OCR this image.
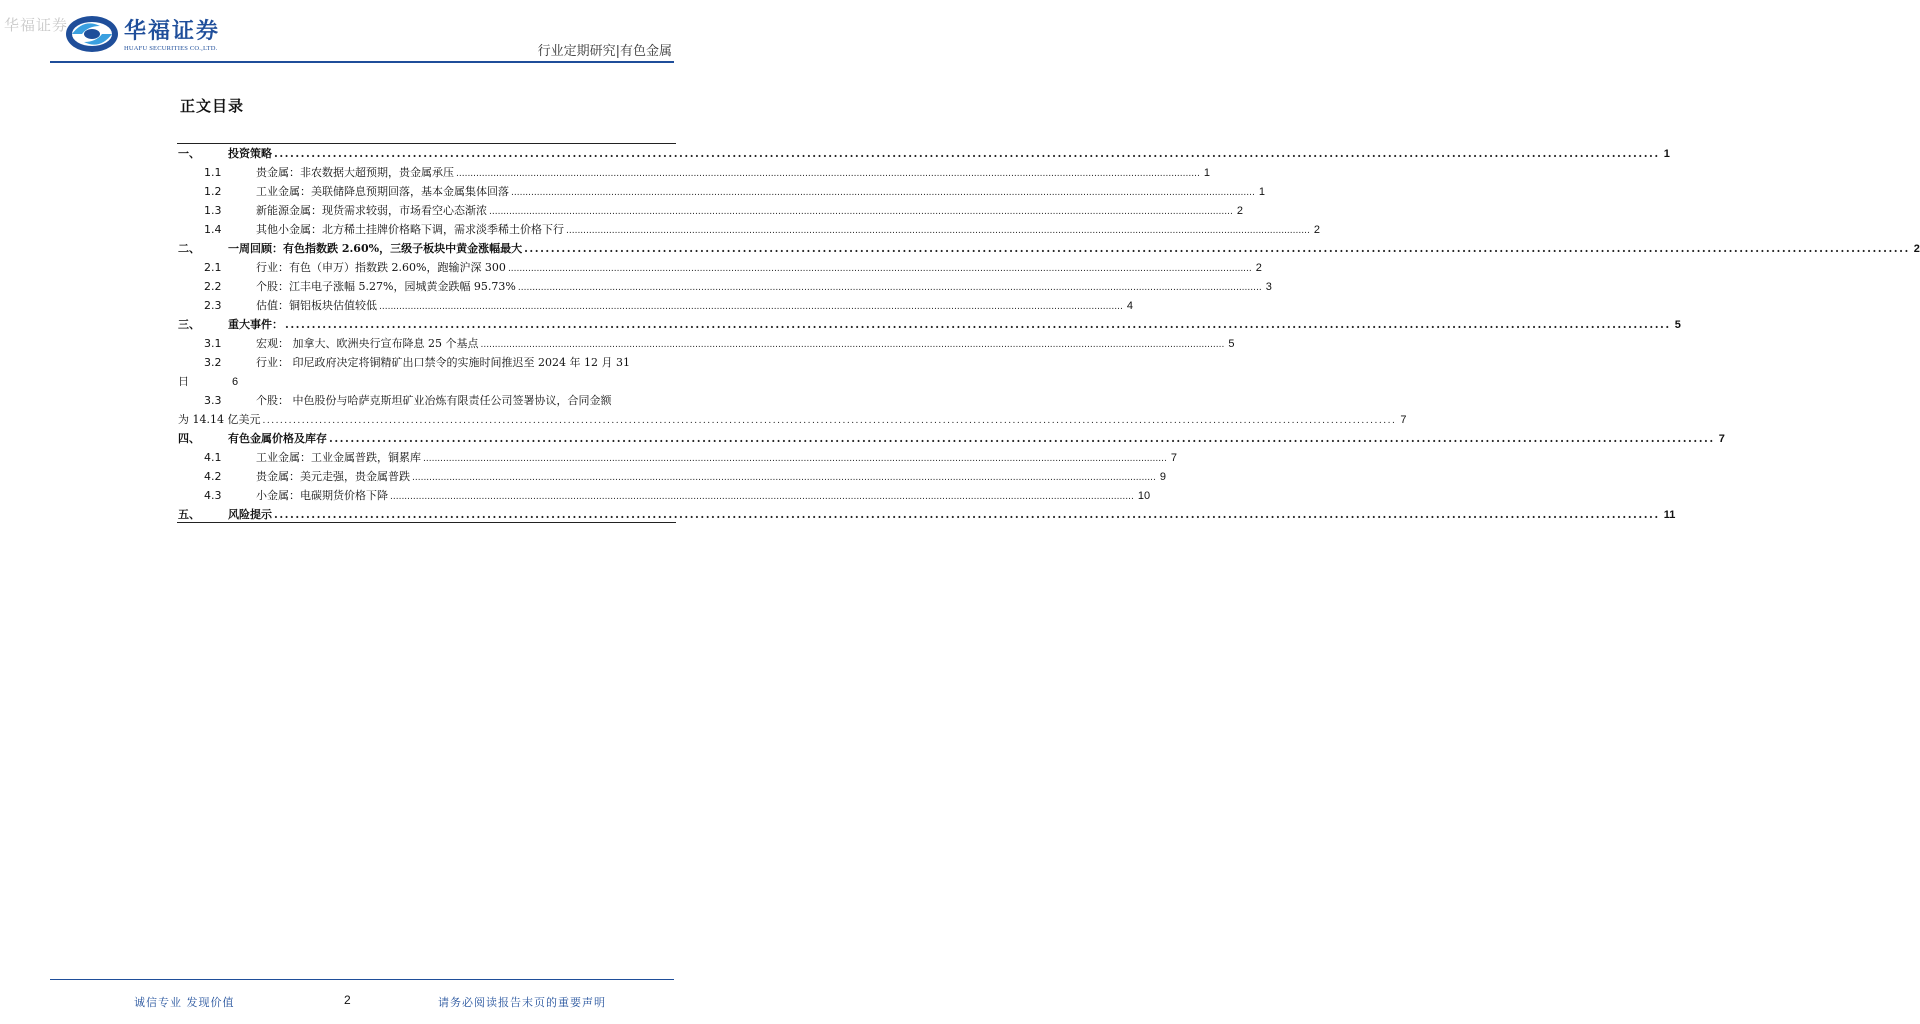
华福证券	华福证券
HUAFU SECURITIES CO.,LTD.	行业定期研究|有色金属
正文目录
一、	投资策略 .................................................................................................................................................................................................................................................................... 1
1.1	贵金属：非农数据大超预期，贵金属承压 .................................................................................................................................................................................................................................................................... 1
1.2	工业金属：美联储降息预期回落，基本金属集体回落 .................................................................................................................................................................................................................................................................... 1
1.3	新能源金属：现货需求较弱，市场看空心态渐浓 .................................................................................................................................................................................................................................................................... 2
1.4	其他小金属：北方稀土挂牌价格略下调，需求淡季稀土价格下行 .................................................................................................................................................................................................................................................................... 2
二、	一周回顾：有色指数跌 2.60%，三级子板块中黄金涨幅最大 .................................................................................................................................................................................................................................................................... 2
2.1	行业：有色（申万）指数跌 2.60%，跑输沪深 300 .................................................................................................................................................................................................................................................................... 2
2.2	个股：江丰电子涨幅 5.27%，园城黄金跌幅 95.73% .................................................................................................................................................................................................................................................................... 3
2.3	估值：铜铝板块估值较低 .................................................................................................................................................................................................................................................................... 4
三、	重大事件： .................................................................................................................................................................................................................................................................... 5
3.1	宏观： 加拿大、欧洲央行宣布降息 25 个基点 .................................................................................................................................................................................................................................................................... 5
3.2	行业： 印尼政府决定将铜精矿出口禁令的实施时间推迟至 2024 年 12 月 31
日	6
3.3	个股： 中色股份与哈萨克斯坦矿业冶炼有限责任公司签署协议，合同金额
为 14.14 亿美元 .................................................................................................................................................................................................................................................................... 7
四、	有色金属价格及库存 .................................................................................................................................................................................................................................................................... 7
4.1	工业金属：工业金属普跌，铜累库 .................................................................................................................................................................................................................................................................... 7
4.2	贵金属：美元走强，贵金属普跌 .................................................................................................................................................................................................................................................................... 9
4.3	小金属：电碳期货价格下降 .................................................................................................................................................................................................................................................................... 10
五、	风险提示 .................................................................................................................................................................................................................................................................... 11
诚信专业 发现价值	2	请务必阅读报告末页的重要声明
